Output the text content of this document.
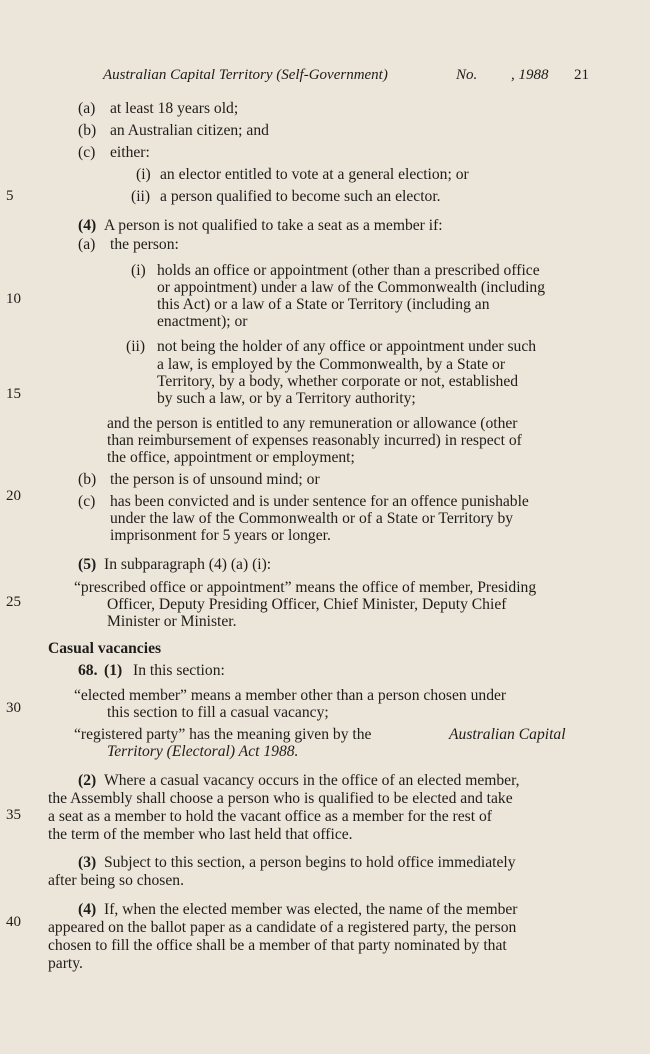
Australian Capital Territory (Self-Government)	No. , 1988 21
5
10
15
20
25
30
35
40
(a) at least 18 years old;
(b) an Australian citizen; and
(c) either:
(i) an elector entitled to vote at a general election; or
(ii) a person qualified to become such an elector.
(4) A person is not qualified to take a seat as a member if:
(a) the person:
(i) holds an office or appointment (other than a prescribed office
or appointment) under a law of the Commonwealth (including
this Act) or a law of a State or Territory (including an
enactment); or
(ii) not being the holder of any office or appointment under such
a law, is employed by the Commonwealth, by a State or
Territory, by a body, whether corporate or not, established
by such a law, or by a Territory authority;
and the person is entitled to any remuneration or allowance (other
than reimbursement of expenses reasonably incurred) in respect of
the office, appointment or employment;
(b) the person is of unsound mind; or
(c) has been convicted and is under sentence for an offence punishable
under the law of the Commonwealth or of a State or Territory by
imprisonment for 5 years or longer.
(5) In subparagraph (4) (a) (i):
“prescribed office or appointment” means the office of member, Presiding
Officer, Deputy Presiding Officer, Chief Minister, Deputy Chief
Minister or Minister.
Casual vacancies
68. (1) In this section:
“elected member” means a member other than a person chosen under
this section to fill a casual vacancy;
“registered party” has the meaning given by the	Australian Capital
Territory (Electoral) Act 1988.
(2) Where a casual vacancy occurs in the office of an elected member,
the Assembly shall choose a person who is qualified to be elected and take
a seat as a member to hold the vacant office as a member for the rest of
the term of the member who last held that office.
(3) Subject to this section, a person begins to hold office immediately
after being so chosen.
(4) If, when the elected member was elected, the name of the member
appeared on the ballot paper as a candidate of a registered party, the person
chosen to fill the office shall be a member of that party nominated by that
party.
